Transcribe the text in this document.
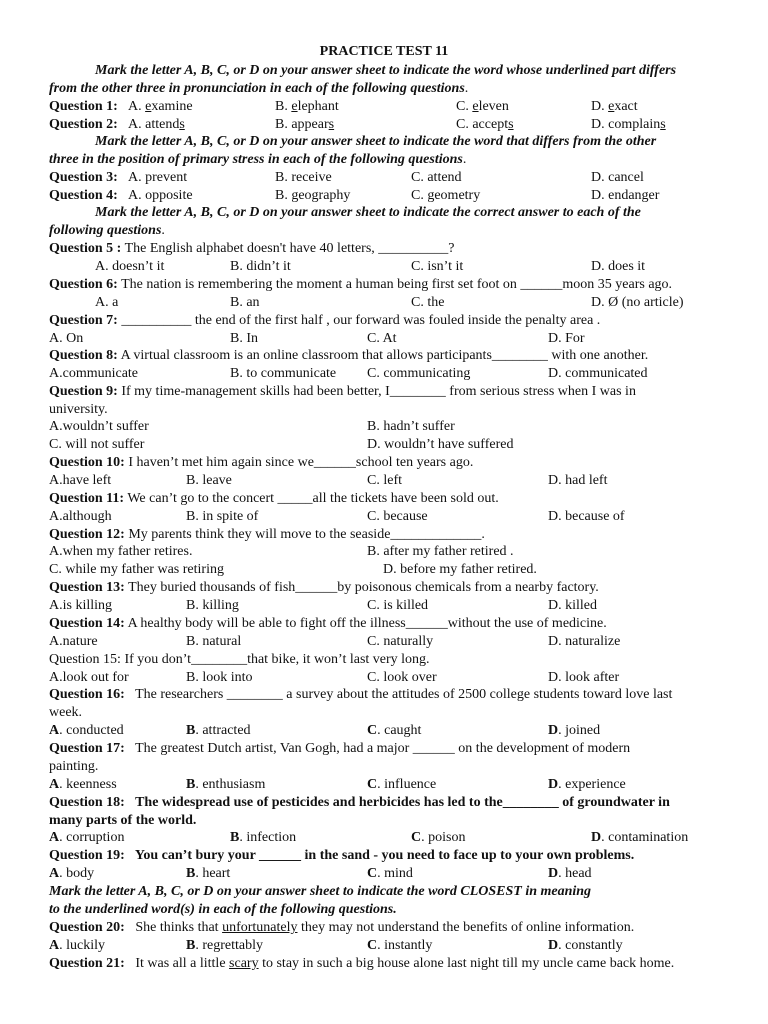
PRACTICE TEST 11
Mark the letter A, B, C, or D on your answer sheet to indicate the word whose underlined part differs
from the other three in pronunciation in each of the following questions.
Question 1: A. examine	B. elephant	C. eleven	D. exact
Question 2: A. attends	B. appears	C. accepts	D. complains
Mark the letter A, B, C, or D on your answer sheet to indicate the word that differs from the other
three in the position of primary stress in each of the following questions.
Question 3: A. prevent	B. receive	C. attend	D. cancel
Question 4: A. opposite	B. geography	C. geometry	D. endanger
Mark the letter A, B, C, or D on your answer sheet to indicate the correct answer to each of the
following questions.
Question 5 : The English alphabet doesn't have 40 letters, __________?
A. doesn’t it	B. didn’t it	C. isn’t it	D. does it
Question 6: The nation is remembering the moment a human being first set foot on ______moon 35 years ago.
A. a	B. an	C. the	D. Ø (no article)
Question 7: __________ the end of the first half , our forward was fouled inside the penalty area .
A. On	B. In	C. At	D. For
Question 8: A virtual classroom is an online classroom that allows participants________ with one another.
A.communicate	B. to communicate C. communicating	D. communicated
Question 9: If my time-management skills had been better, I________ from serious stress when I was in
university.
A.wouldn’t suffer	B. hadn’t suffer
C. will not suffer	D. wouldn’t have suffered
Question 10: I haven’t met him again since we______school ten years ago.
A.have left	B. leave	C. left	D. had left
Question 11: We can’t go to the concert _____all the tickets have been sold out.
A.although	B. in spite of	C. because	D. because of
Question 12: My parents think they will move to the seaside_____________.
A.when my father retires.	B. after my father retired .
C. while my father was retiring	D. before my father retired.
Question 13: They buried thousands of fish______by poisonous chemicals from a nearby factory.
A.is killing	B. killing	C. is killed	D. killed
Question 14: A healthy body will be able to fight off the illness______without the use of medicine.
A.nature	B. natural	C. naturally	D. naturalize
Question 15: If you don’t________that bike, it won’t last very long.
A.look out for	B. look into	C. look over	D. look after
Question 16: The researchers ________ a survey about the attitudes of 2500 college students toward love last
week.
A. conducted	B. attracted	C. caught	D. joined
Question 17: The greatest Dutch artist, Van Gogh, had a major ______ on the development of modern
painting.
A. keenness	B. enthusiasm	C. influence	D. experience
Question 18: The widespread use of pesticides and herbicides has led to the________ of groundwater in
many parts of the world.
A. corruption	B. infection	C. poison	D. contamination
Question 19: You can’t bury your ______ in the sand - you need to face up to your own problems.
A. body	B. heart	C. mind	D. head
Mark the letter A, B, C, or D on your answer sheet to indicate the word CLOSEST in meaning
to the underlined word(s) in each of the following questions.
Question 20: She thinks that unfortunately they may not understand the benefits of online information.
A. luckily	B. regrettably	C. instantly	D. constantly
Question 21: It was all a little scary to stay in such a big house alone last night till my uncle came back home.
